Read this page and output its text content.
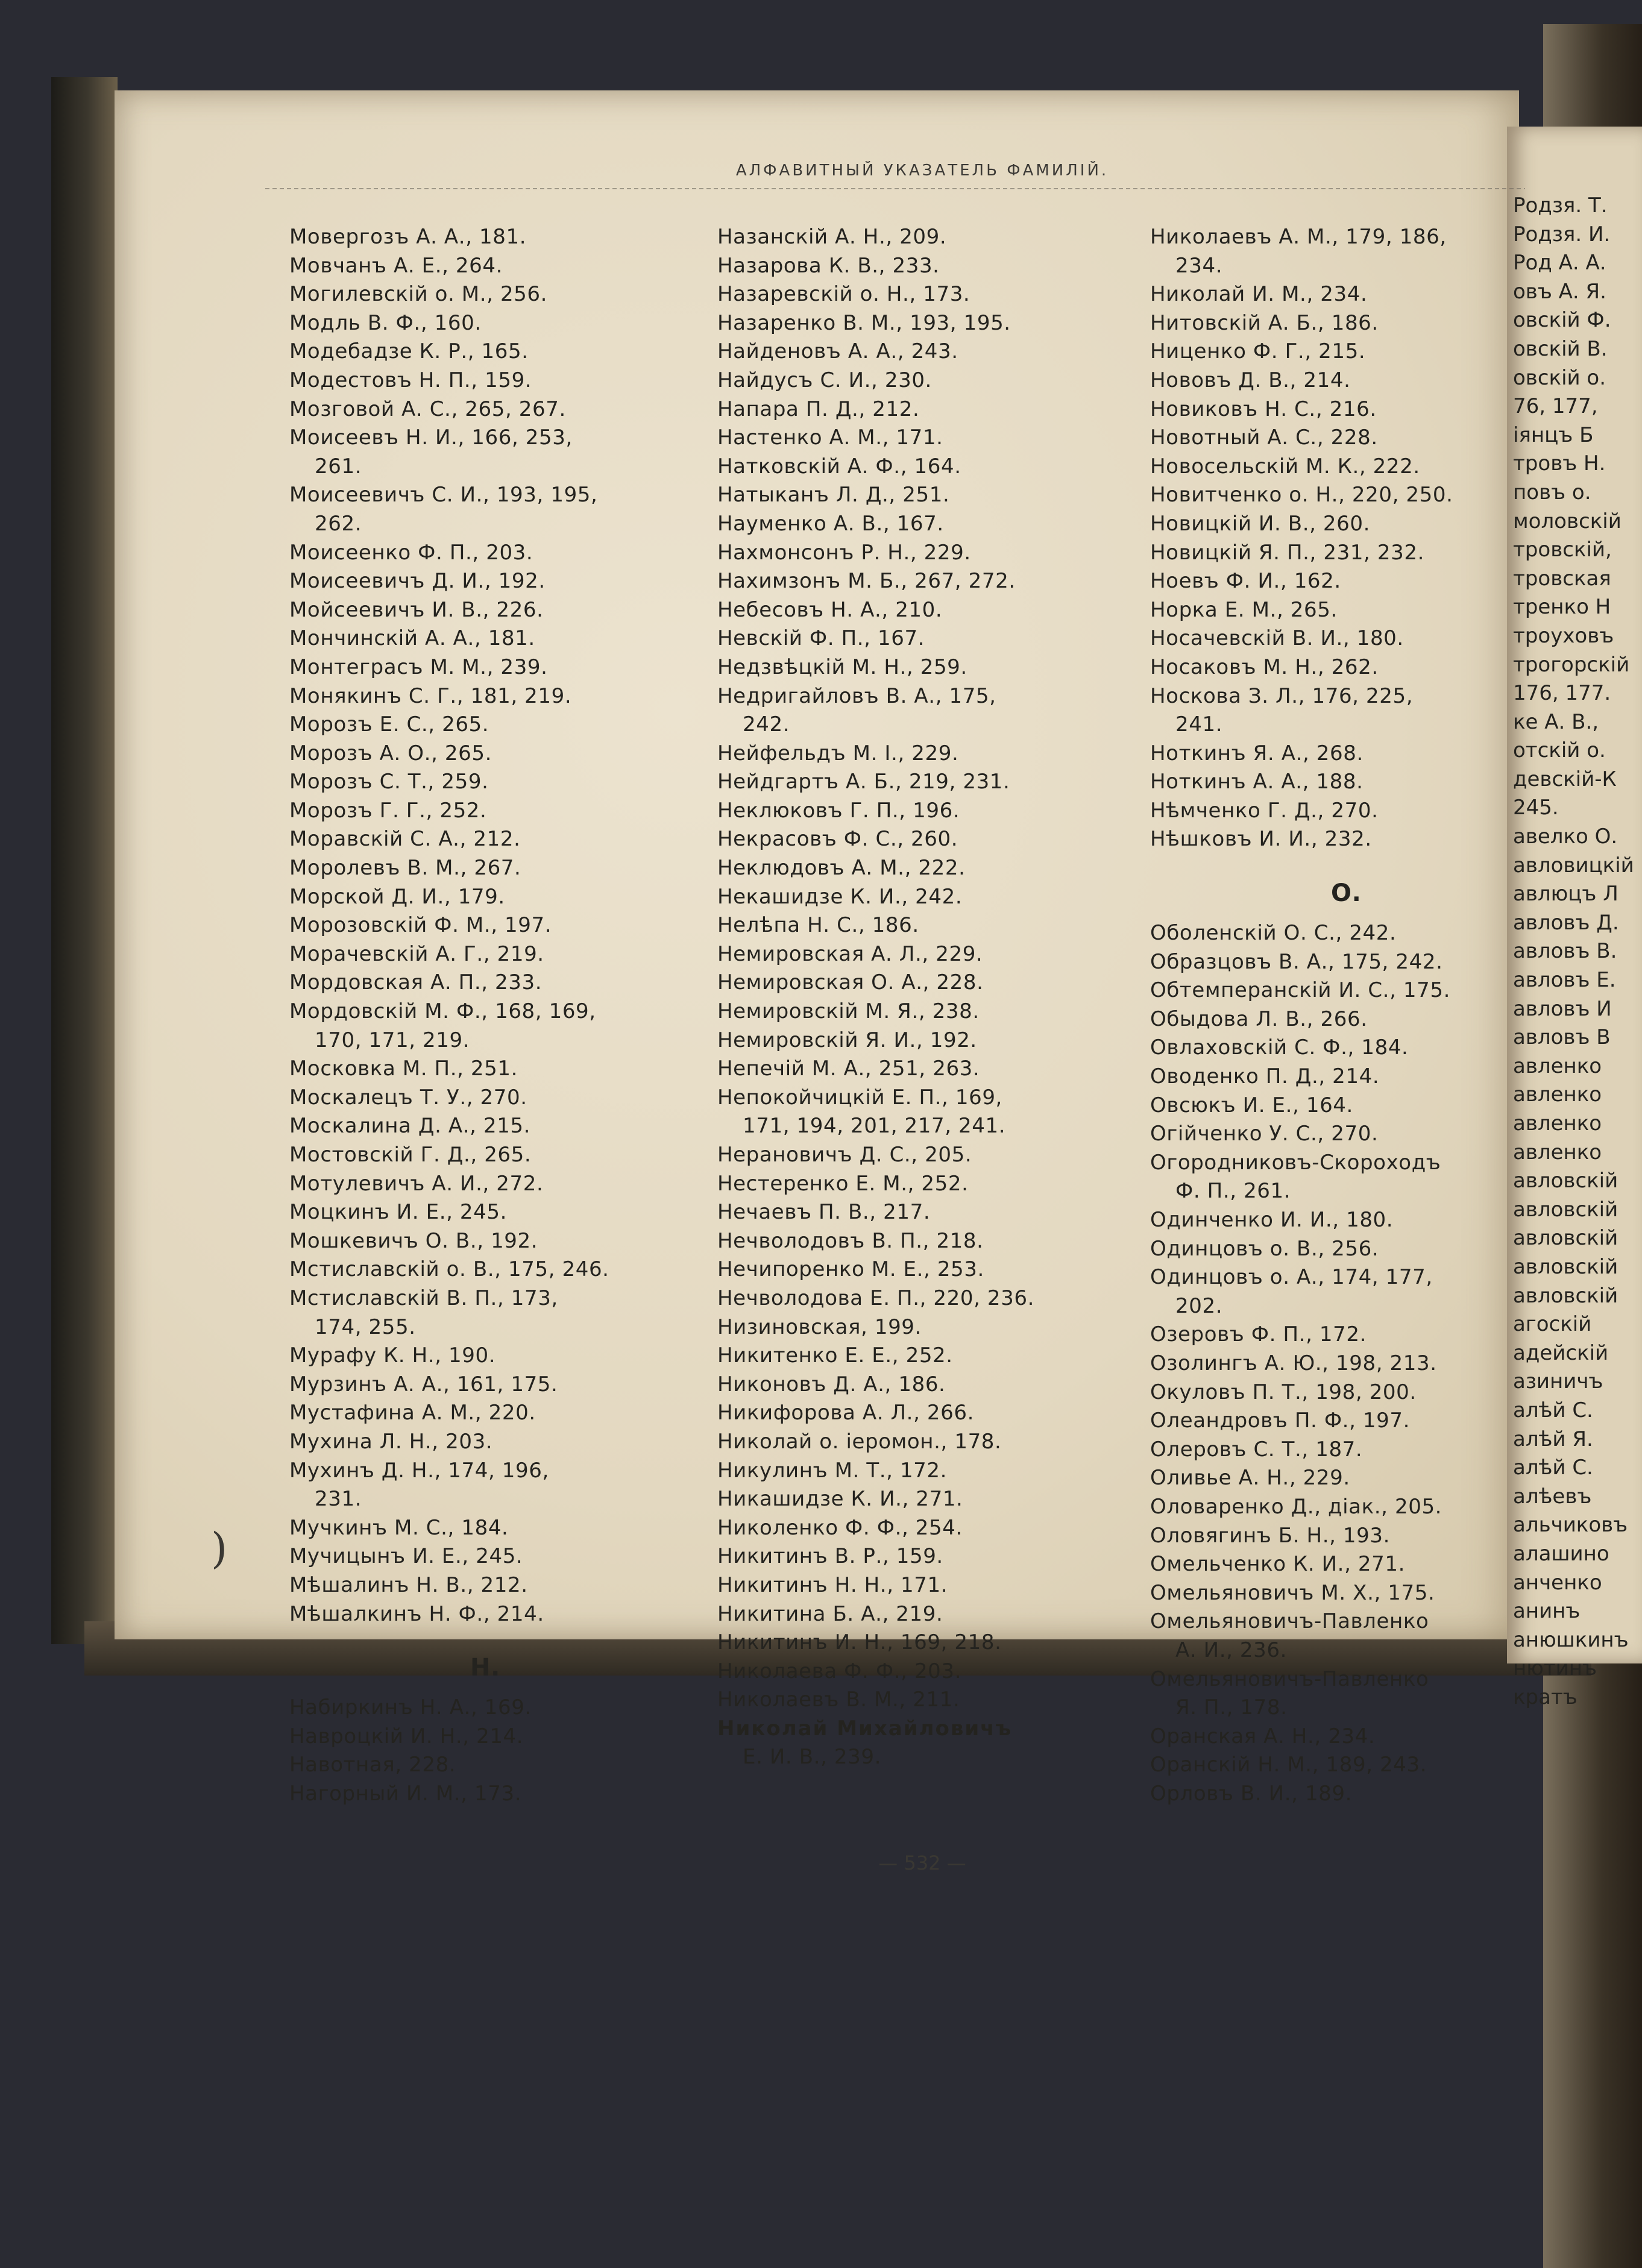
АЛФАВИТНЫЙ УКАЗАТЕЛЬ ФАМИЛІЙ.
Мовергозъ А. А., 181.
Мовчанъ А. Е., 264.
Могилевскій о. М., 256.
Модль В. Ф., 160.
Модебадзе К. Р., 165.
Модестовъ Н. П., 159.
Мозговой А. С., 265, 267.
Моисеевъ Н. И., 166, 253,
261.
Моисеевичъ С. И., 193, 195,
262.
Моисеенко Ф. П., 203.
Моисеевичъ Д. И., 192.
Мойсеевичъ И. В., 226.
Мончинскій А. А., 181.
Монтеграсъ М. М., 239.
Монякинъ С. Г., 181, 219.
Морозъ Е. С., 265.
Морозъ А. О., 265.
Морозъ С. Т., 259.
Морозъ Г. Г., 252.
Моравскій С. А., 212.
Моролевъ В. М., 267.
Морской Д. И., 179.
Морозовскій Ф. М., 197.
Морачевскій А. Г., 219.
Мордовская А. П., 233.
Мордовскій М. Ф., 168, 169,
170, 171, 219.
Московка М. П., 251.
Москалецъ Т. У., 270.
Москалина Д. А., 215.
Мостовскій Г. Д., 265.
Мотулевичъ А. И., 272.
Моцкинъ И. Е., 245.
Мошкевичъ О. В., 192.
Мстиславскій о. В., 175, 246.
Мстиславскій В. П., 173,
174, 255.
Мурафу К. Н., 190.
Мурзинъ А. А., 161, 175.
Мустафина А. М., 220.
Мухина Л. Н., 203.
Мухинъ Д. Н., 174, 196,
231.
Мучкинъ М. С., 184.
Мучицынъ И. Е., 245.
Мѣшалинъ Н. В., 212.
Мѣшалкинъ Н. Ф., 214.
Н.
Набиркинъ Н. А., 169.
Навроцкій И. Н., 214.
Навотная, 228.
Нагорный И. М., 173.
Назанскій А. Н., 209.
Назарова К. В., 233.
Назаревскій о. Н., 173.
Назаренко В. М., 193, 195.
Найденовъ А. А., 243.
Найдусъ С. И., 230.
Напара П. Д., 212.
Настенко А. М., 171.
Натковскій А. Ф., 164.
Натыканъ Л. Д., 251.
Науменко А. В., 167.
Нахмонсонъ Р. Н., 229.
Нахимзонъ М. Б., 267, 272.
Небесовъ Н. А., 210.
Невскій Ф. П., 167.
Недзвѣцкій М. Н., 259.
Недригайловъ В. А., 175,
242.
Нейфельдъ М. І., 229.
Нейдгартъ А. Б., 219, 231.
Неклюковъ Г. П., 196.
Некрасовъ Ф. С., 260.
Неклюдовъ А. М., 222.
Некашидзе К. И., 242.
Нелѣпа Н. С., 186.
Немировская А. Л., 229.
Немировская О. А., 228.
Немировскій М. Я., 238.
Немировскій Я. И., 192.
Непечій М. А., 251, 263.
Непокойчицкій Е. П., 169,
171, 194, 201, 217, 241.
Нерановичъ Д. С., 205.
Нестеренко Е. М., 252.
Нечаевъ П. В., 217.
Нечволодовъ В. П., 218.
Нечипоренко М. Е., 253.
Нечволодова Е. П., 220, 236.
Низиновская, 199.
Никитенко Е. Е., 252.
Никоновъ Д. А., 186.
Никифорова А. Л., 266.
Николай о. іеромон., 178.
Никулинъ М. Т., 172.
Никашидзе К. И., 271.
Николенко Ф. Ф., 254.
Никитинъ В. Р., 159.
Никитинъ Н. Н., 171.
Никитина Б. А., 219.
Никитинъ И. Н., 169, 218.
Николаева Ф. Ф., 203.
Николаевъ В. М., 211.
Николай Михайловичъ
Е. И. В., 239.
Николаевъ А. М., 179, 186,
234.
Николай И. М., 234.
Нитовскій А. Б., 186.
Ниценко Ф. Г., 215.
Нововъ Д. В., 214.
Новиковъ Н. С., 216.
Новотный А. С., 228.
Новосельскій М. К., 222.
Новитченко о. Н., 220, 250.
Новицкій И. В., 260.
Новицкій Я. П., 231, 232.
Ноевъ Ф. И., 162.
Норка Е. М., 265.
Носачевскій В. И., 180.
Носаковъ М. Н., 262.
Носкова З. Л., 176, 225,
241.
Ноткинъ Я. А., 268.
Ноткинъ А. А., 188.
Нѣмченко Г. Д., 270.
Нѣшковъ И. И., 232.
О.
Оболенскій О. С., 242.
Образцовъ В. А., 175, 242.
Обтемперанскій И. С., 175.
Обыдова Л. В., 266.
Овлаховскій С. Ф., 184.
Оводенко П. Д., 214.
Овсюкъ И. Е., 164.
Огійченко У. С., 270.
Огородниковъ-Скороходъ
Ф. П., 261.
Одинченко И. И., 180.
Одинцовъ о. В., 256.
Одинцовъ о. А., 174, 177,
202.
Озеровъ Ф. П., 172.
Озолингъ А. Ю., 198, 213.
Окуловъ П. Т., 198, 200.
Олеандровъ П. Ф., 197.
Олеровъ С. Т., 187.
Оливье А. Н., 229.
Оловаренко Д., діак., 205.
Оловягинъ Б. Н., 193.
Омельченко К. И., 271.
Омельяновичъ М. Х., 175.
Омельяновичъ-Павленко
А. И., 236.
Омельяновичъ-Павленко
Я. П., 178.
Оранская А. Н., 234.
Оранскій Н. М., 189, 243.
Орловъ В. И., 189.
Родзя. Т.
Родзя. И.
Род А. А.
овъ А. Я.
овскій Ф.
овскій В.
овскій о.
76, 177,
іянцъ Б
тровъ Н.
повъ о.
моловскій
тровскій,
тровская
тренко Н
троуховъ
трогорскій
176, 177.
ке А. В.,
отскій о.
девскій-К
245.
авелко О.
авловицкій
авлюцъ Л
авловъ Д.
авловъ В.
авловъ Е.
авловъ И
авловъ В
авленко
авленко
авленко
авленко
авловскій
авловскій
авловскій
авловскій
авловскій
агоскій
адейскій
азиничъ
алѣй С.
алѣй Я.
алѣй С.
алѣевъ
альчиковъ
алашино
анченко
анинъ
анюшкинъ
нютинъ
кратъ
)
— 532 —
